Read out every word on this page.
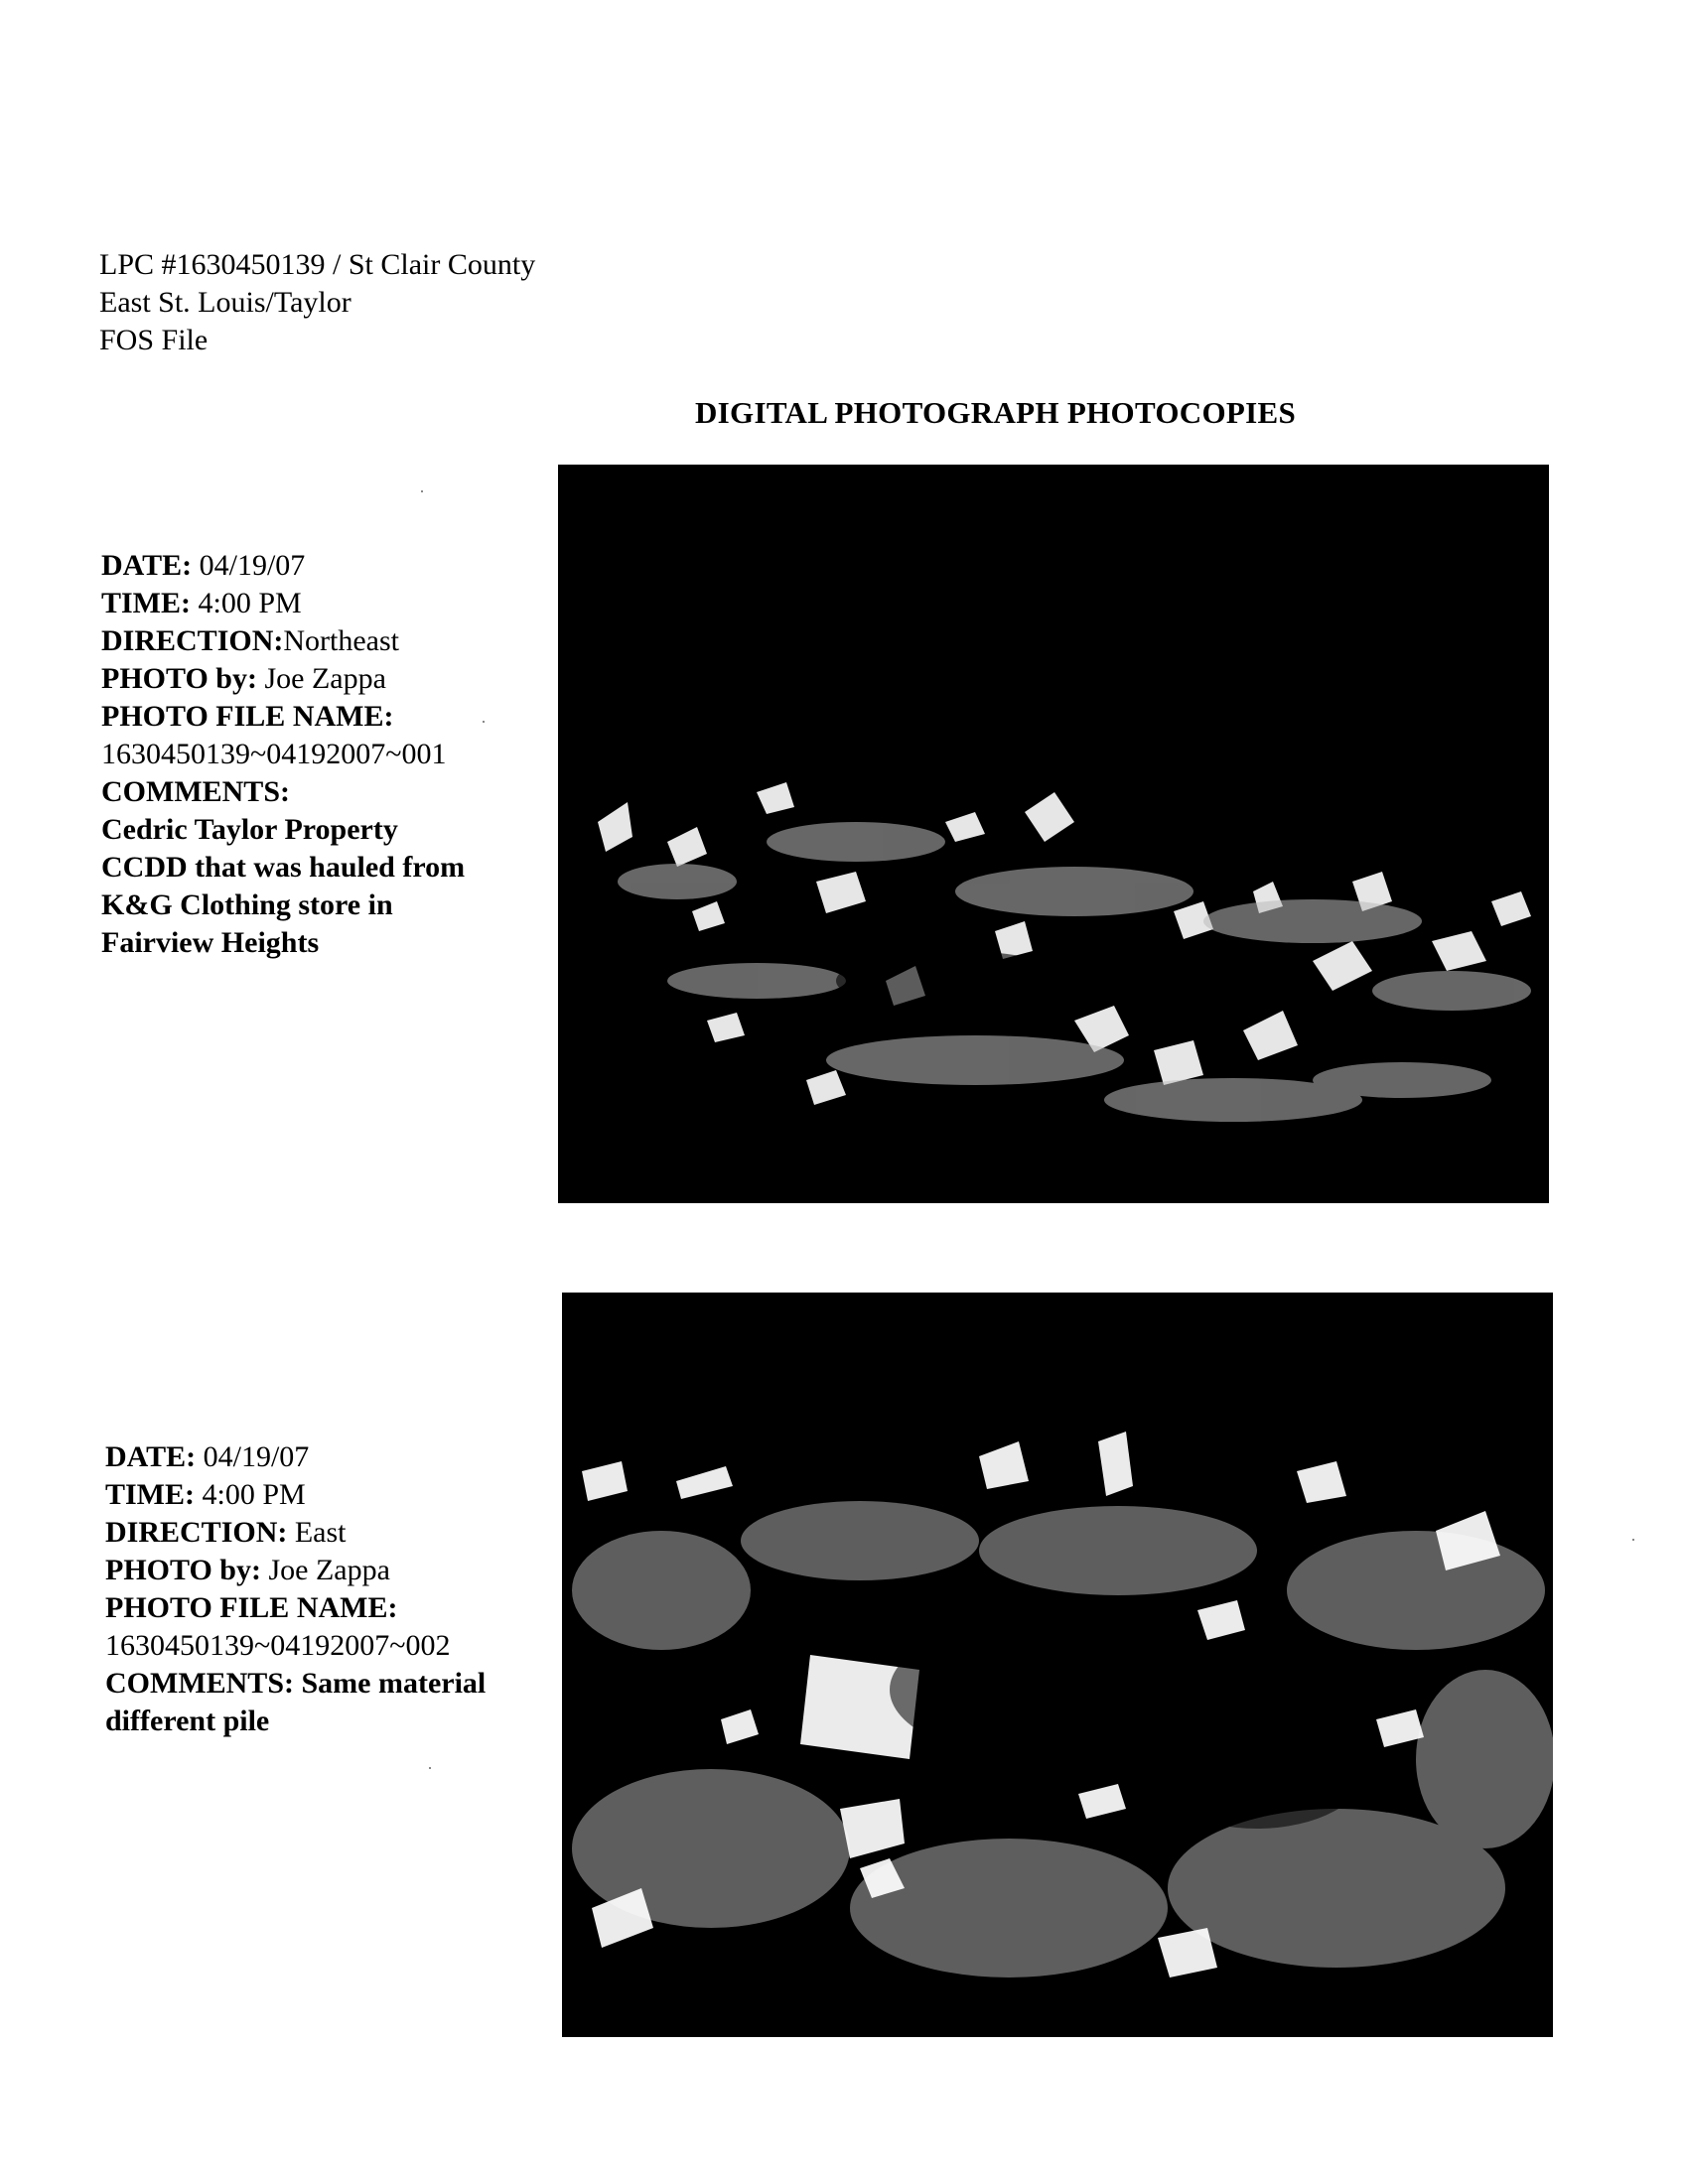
LPC #1630450139 / St Clair County
East St. Louis/Taylor
FOS File
DIGITAL PHOTOGRAPH PHOTOCOPIES
DATE: 04/19/07
TIME: 4:00 PM
DIRECTION:Northeast
PHOTO by: Joe Zappa
PHOTO FILE NAME:
1630450139~04192007~001
COMMENTS:
Cedric Taylor Property
CCDD that was hauled from
K&G Clothing store in
Fairview Heights
DATE: 04/19/07
TIME: 4:00 PM
DIRECTION: East
PHOTO by: Joe Zappa
PHOTO FILE NAME:
1630450139~04192007~002
COMMENTS: Same material
different pile
